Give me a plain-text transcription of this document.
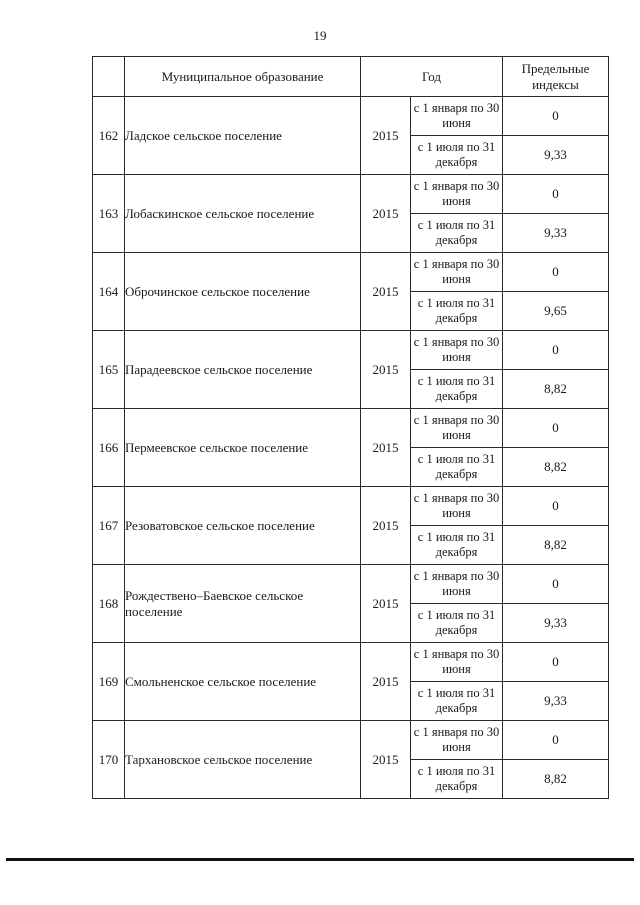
19
	Муниципальное образование	Год		Предельные индексы
162	Ладское сельское поселение	2015	с 1 января по 30 июня	0
			с 1 июля по 31 декабря	9,33
163	Лобаскинское сельское поселение	2015	с 1 января по 30 июня	0
			с 1 июля по 31 декабря	9,33
164	Оброчинское сельское поселение	2015	с 1 января по 30 июня	0
			с 1 июля по 31 декабря	9,65
165	Парадеевское сельское поселение	2015	с 1 января по 30 июня	0
			с 1 июля по 31 декабря	8,82
166	Пермеевское сельское поселение	2015	с 1 января по 30 июня	0
			с 1 июля по 31 декабря	8,82
167	Резоватовское сельское поселение	2015	с 1 января по 30 июня	0
			с 1 июля по 31 декабря	8,82
168	Рождествено–Баевское сельское поселение	2015	с 1 января по 30 июня	0
			с 1 июля по 31 декабря	9,33
169	Смольненское сельское поселение	2015	с 1 января по 30 июня	0
			с 1 июля по 31 декабря	9,33
170	Тархановское сельское поселение	2015	с 1 января по 30 июня	0
			с 1 июля по 31 декабря	8,82
